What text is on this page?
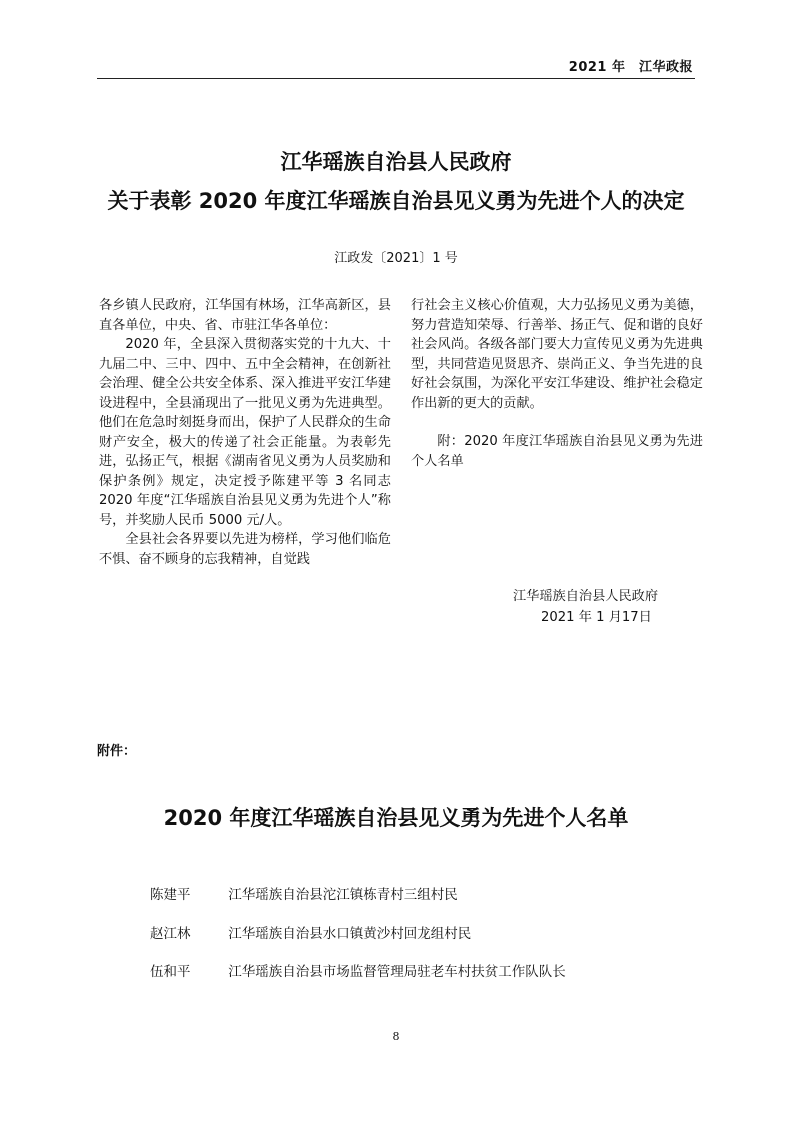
2021 年　江华政报
江华瑶族自治县人民政府
关于表彰 2020 年度江华瑶族自治县见义勇为先进个人的决定
江政发〔2021〕1 号

各乡镇人民政府，江华国有林场，江华高新区，县直各单位，中央、省、市驻江华各单位：

2020 年，全县深入贯彻落实党的十九大、十九届二中、三中、四中、五中全会精神，在创新社会治理、健全公共安全体系、深入推进平安江华建设进程中，全县涌现出了一批见义勇为先进典型。他们在危急时刻挺身而出，保护了人民群众的生命财产安全，极大的传递了社会正能量。为表彰先进，弘扬正气，根据《湖南省见义勇为人员奖励和保护条例》规定，决定授予陈建平等 3 名同志 2020 年度“江华瑶族自治县见义勇为先进个人”称号，并奖励人民币 5000 元/人。

全县社会各界要以先进为榜样，学习他们临危不惧、奋不顾身的忘我精神，自觉践

行社会主义核心价值观，大力弘扬见义勇为美德，努力营造知荣辱、行善举、扬正气、促和谐的良好社会风尚。各级各部门要大力宣传见义勇为先进典型，共同营造见贤思齐、崇尚正义、争当先进的良好社会氛围，为深化平安江华建设、维护社会稳定作出新的更大的贡献。

附：2020 年度江华瑶族自治县见义勇为先进个人名单

江华瑶族自治县人民政府
2021 年 1 月17日
附件：
2020 年度江华瑶族自治县见义勇为先进个人名单
陈建平	江华瑶族自治县沱江镇栋青村三组村民
赵江林	江华瑶族自治县水口镇黄沙村回龙组村民
伍和平	江华瑶族自治县市场监督管理局驻老车村扶贫工作队队长
8
